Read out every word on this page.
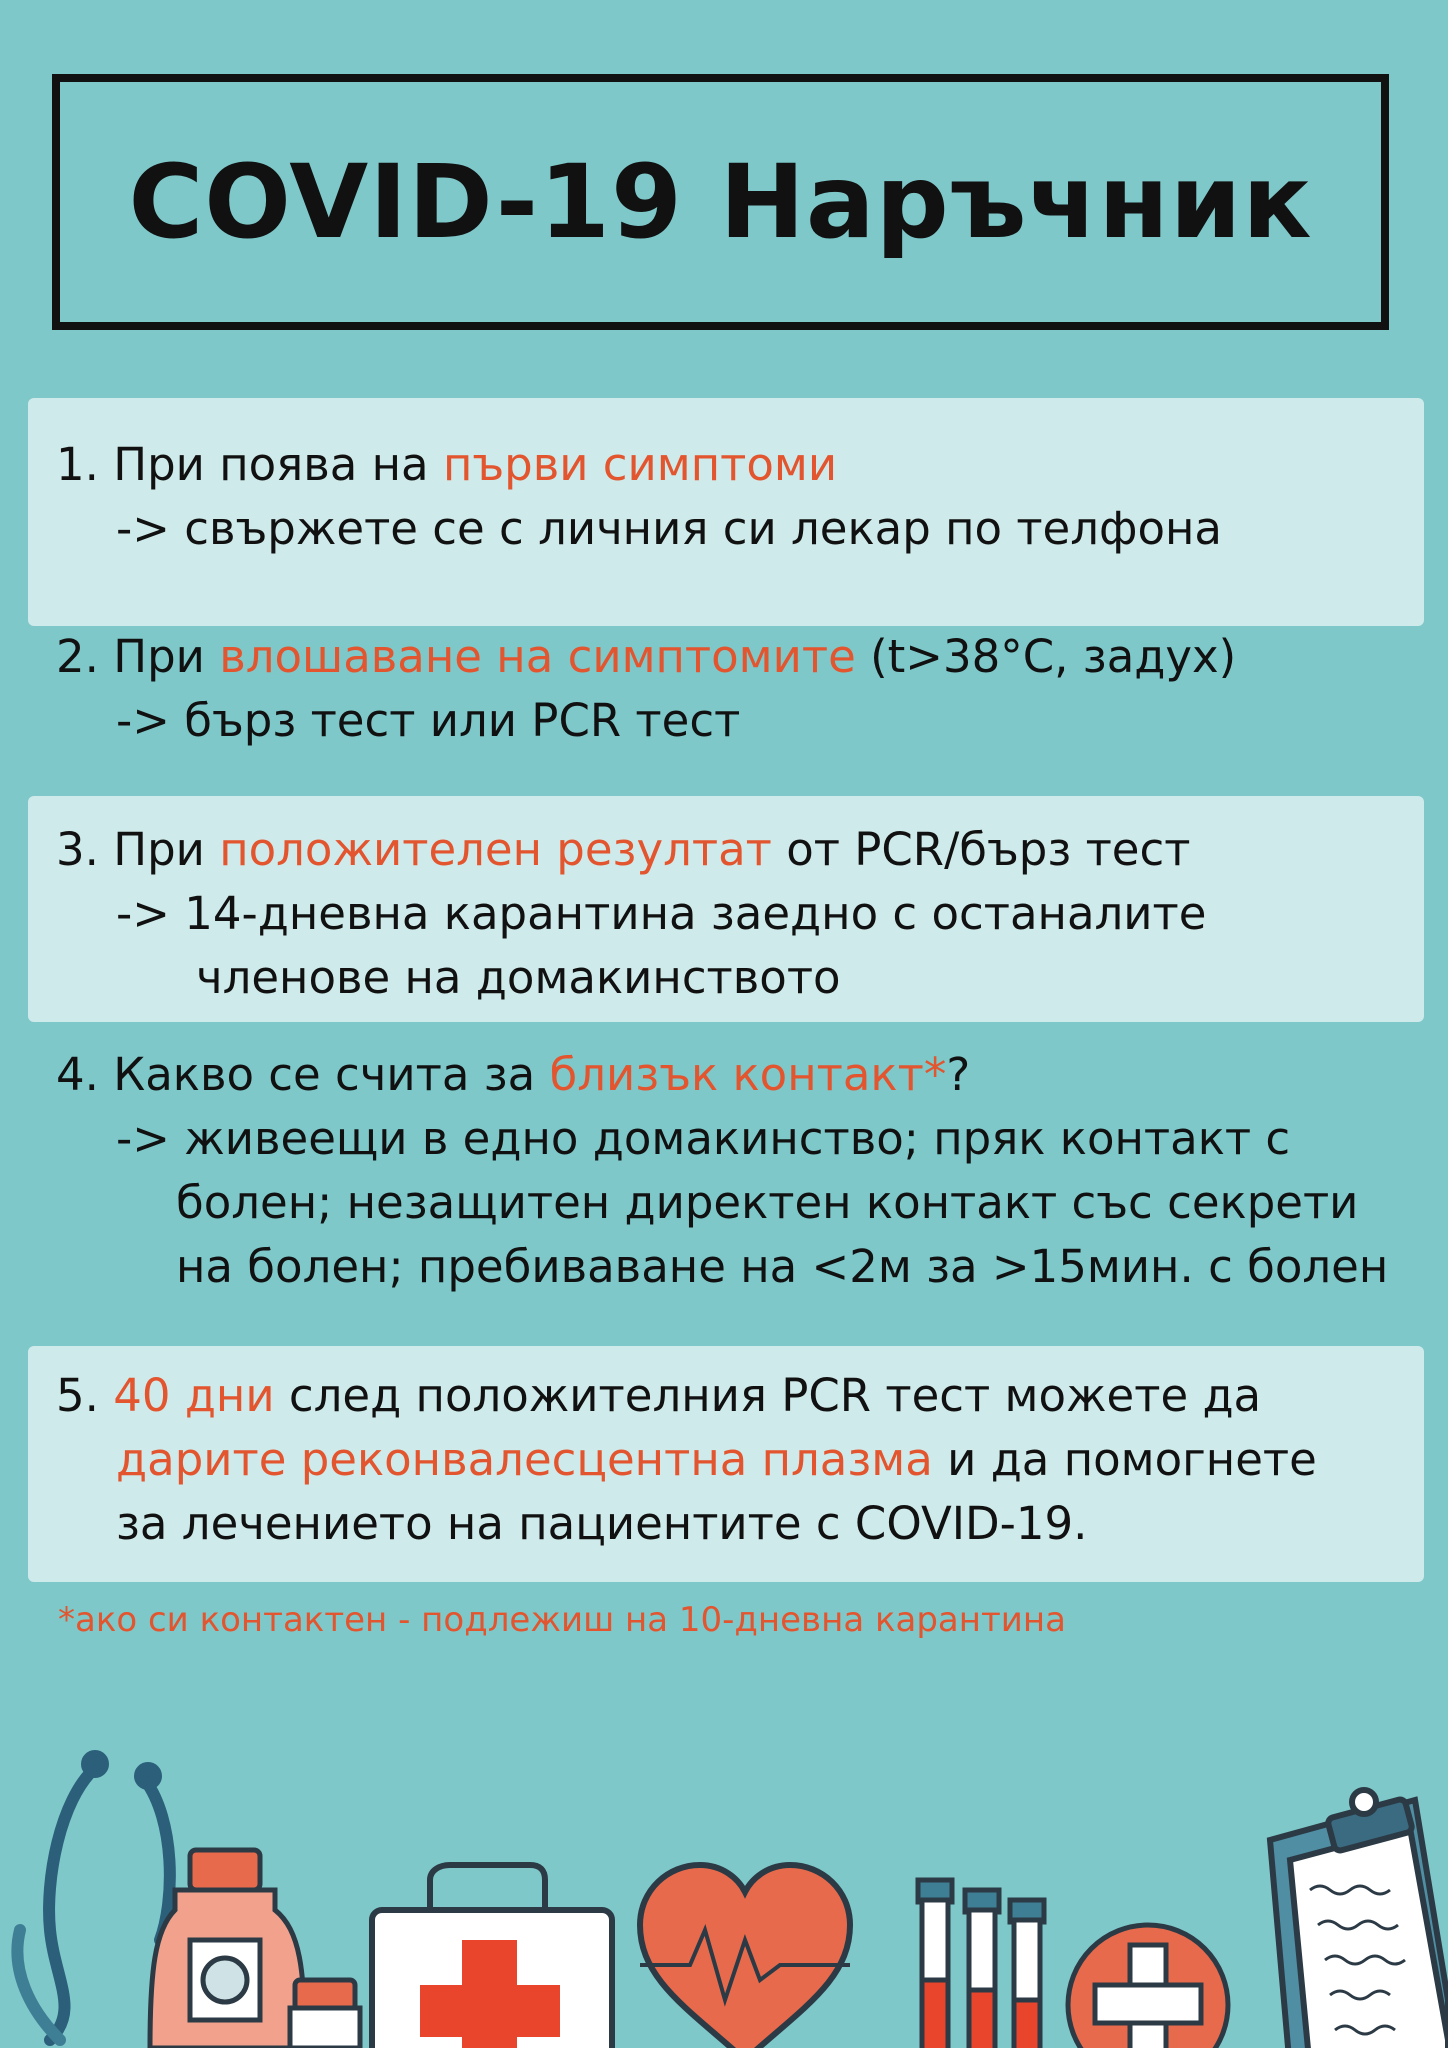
COVID-19 Наръчник
1. При поява на първи симптоми
-> свържете се с личния си лекар по телфона
2. При влошаване на симптомите (t>38°C, задух)
-> бърз тест или PCR тест
3. При положителен резултат от PCR/бърз тест
-> 14-дневна карантина заедно с останалите
членове на домакинството
4. Какво се счита за близък контакт*?
-> живеещи в едно домакинство; пряк контакт с
болен; незащитен директен контакт със секрети
на болен; пребиваване на <2м за >15мин. с болен
5. 40 дни след положителния PCR тест можете да
дарите реконвалесцентна плазма и да помогнете
за лечението на пациентите с COVID-19.
*ако си контактен - подлежиш на 10-дневна карантина
